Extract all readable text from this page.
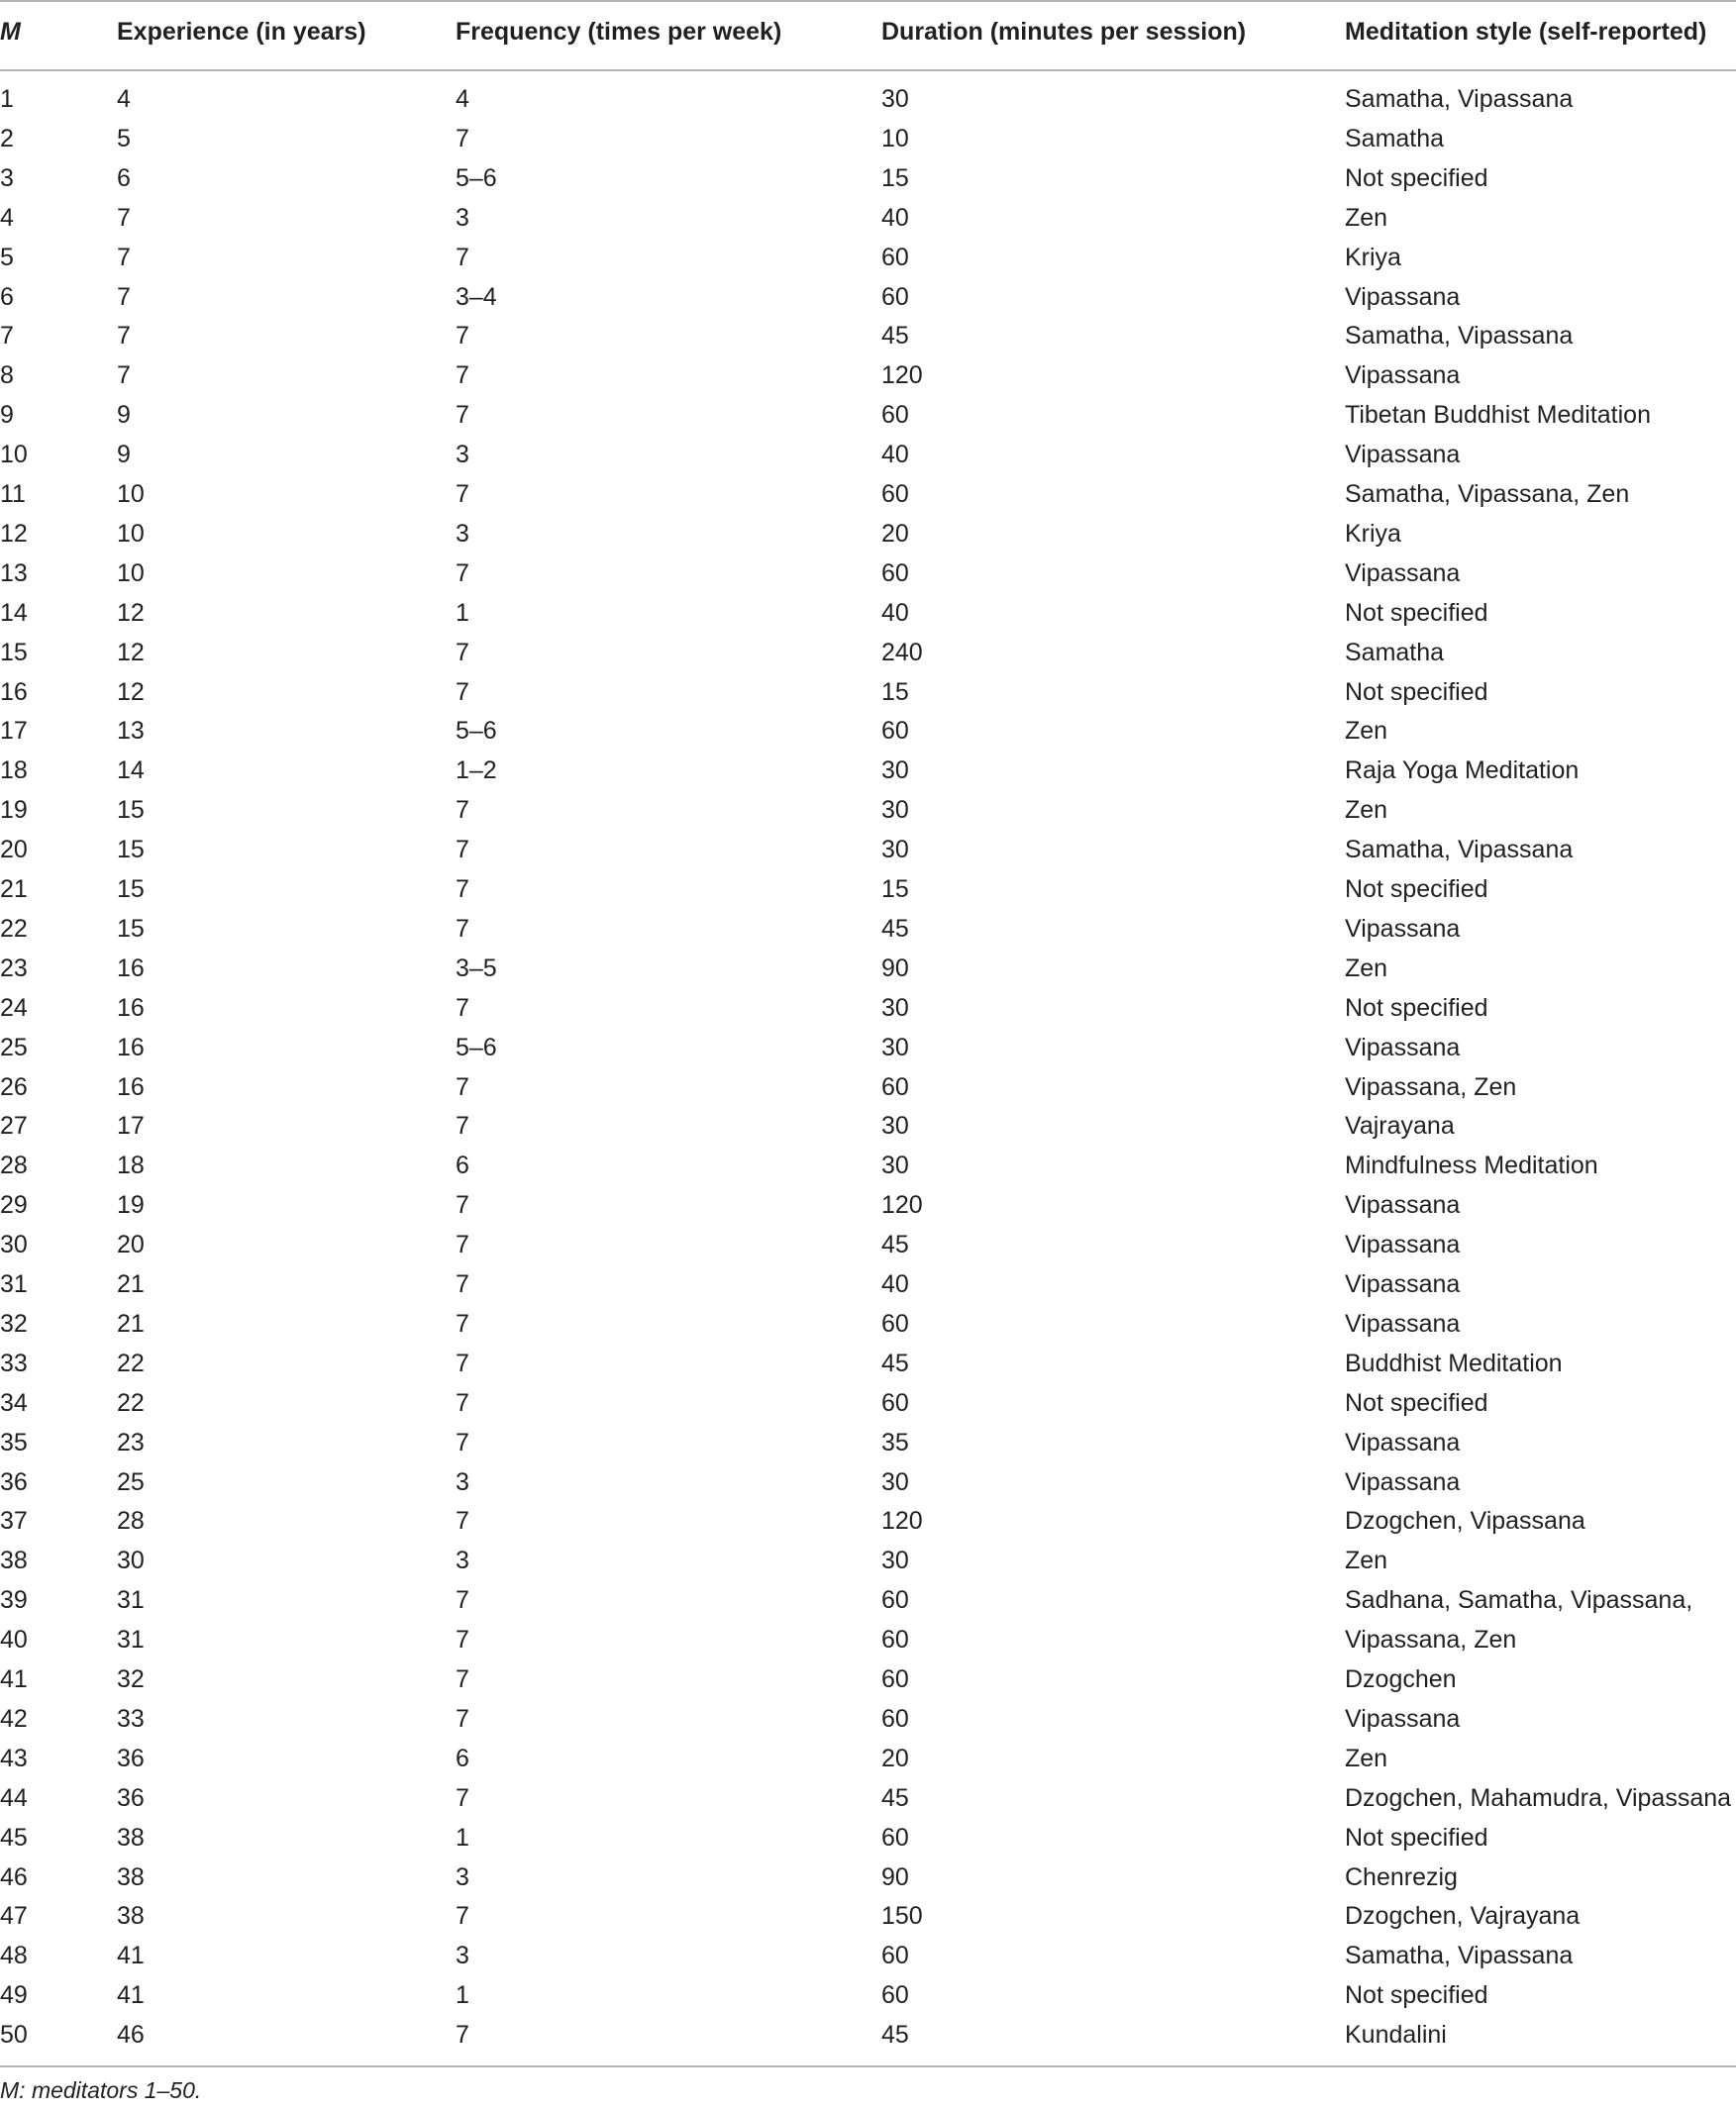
M	Experience (in years)	Frequency (times per week)	Duration (minutes per session)	Meditation style (self-reported)
1	4	4	30	Samatha, Vipassana
2	5	7	10	Samatha
3	6	5–6	15	Not specified
4	7	3	40	Zen
5	7	7	60	Kriya
6	7	3–4	60	Vipassana
7	7	7	45	Samatha, Vipassana
8	7	7	120	Vipassana
9	9	7	60	Tibetan Buddhist Meditation
10	9	3	40	Vipassana
11	10	7	60	Samatha, Vipassana, Zen
12	10	3	20	Kriya
13	10	7	60	Vipassana
14	12	1	40	Not specified
15	12	7	240	Samatha
16	12	7	15	Not specified
17	13	5–6	60	Zen
18	14	1–2	30	Raja Yoga Meditation
19	15	7	30	Zen
20	15	7	30	Samatha, Vipassana
21	15	7	15	Not specified
22	15	7	45	Vipassana
23	16	3–5	90	Zen
24	16	7	30	Not specified
25	16	5–6	30	Vipassana
26	16	7	60	Vipassana, Zen
27	17	7	30	Vajrayana
28	18	6	30	Mindfulness Meditation
29	19	7	120	Vipassana
30	20	7	45	Vipassana
31	21	7	40	Vipassana
32	21	7	60	Vipassana
33	22	7	45	Buddhist Meditation
34	22	7	60	Not specified
35	23	7	35	Vipassana
36	25	3	30	Vipassana
37	28	7	120	Dzogchen, Vipassana
38	30	3	30	Zen
39	31	7	60	Sadhana, Samatha, Vipassana,
40	31	7	60	Vipassana, Zen
41	32	7	60	Dzogchen
42	33	7	60	Vipassana
43	36	6	20	Zen
44	36	7	45	Dzogchen, Mahamudra, Vipassana
45	38	1	60	Not specified
46	38	3	90	Chenrezig
47	38	7	150	Dzogchen, Vajrayana
48	41	3	60	Samatha, Vipassana
49	41	1	60	Not specified
50	46	7	45	Kundalini
M: meditators 1–50.
